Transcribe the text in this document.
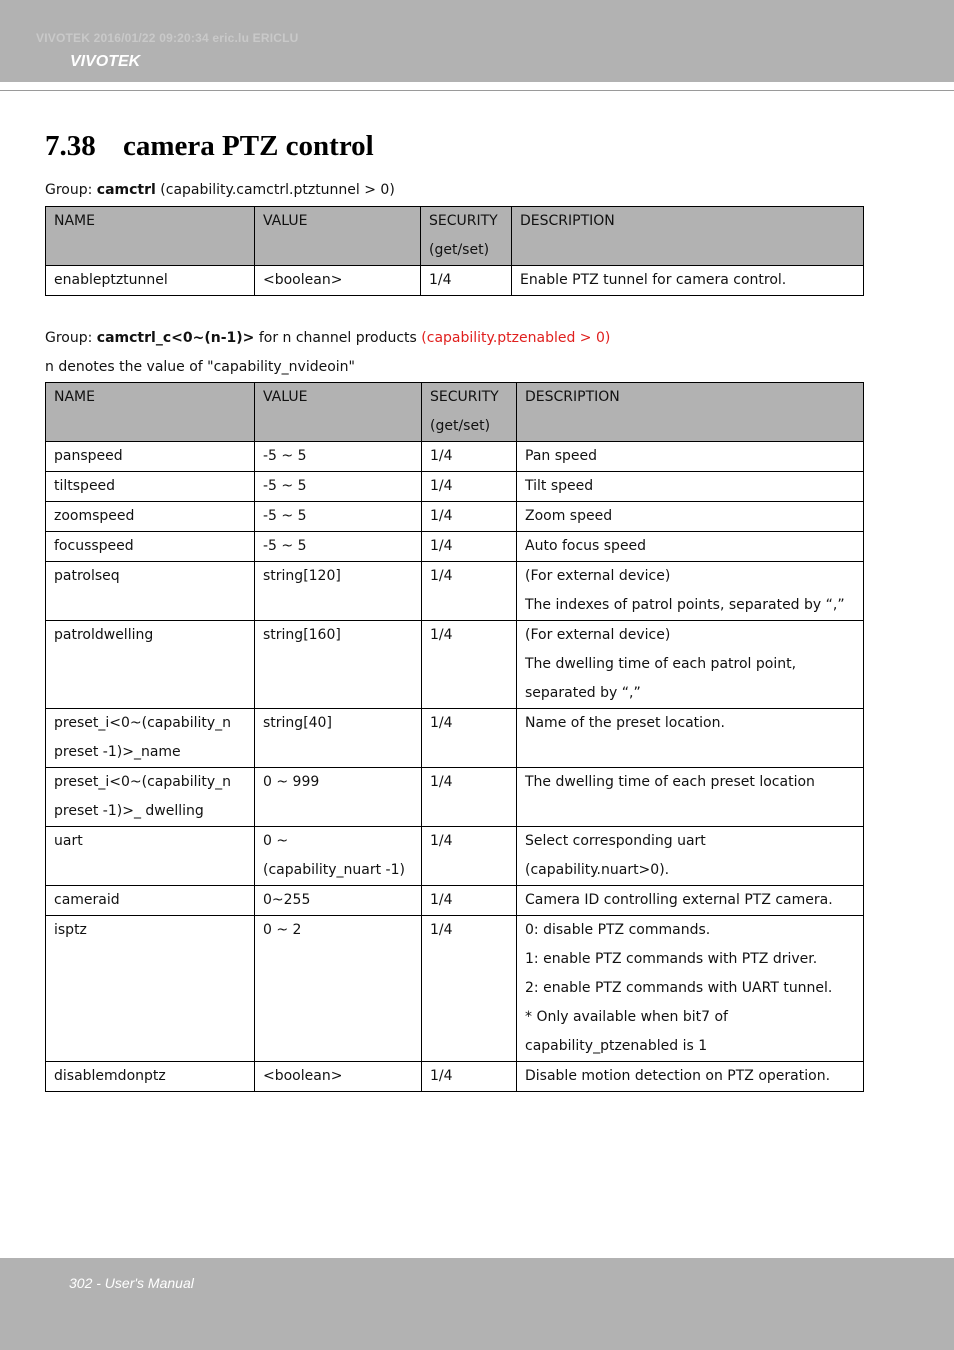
VIVOTEK 2016/01/22 09:20:34 eric.lu ERICLU
VIVOTEK
7.38 camera PTZ control
Group: camctrl (capability.camctrl.ptztunnel > 0)
NAME	VALUE	SECURITY
(get/set)	DESCRIPTION

enableptztunnel	<boolean>	1/4	Enable PTZ tunnel for camera control.
Group: camctrl_c<0~(n-1)> for n channel products (capability.ptzenabled > 0)
n denotes the value of "capability_nvideoin"
NAME	VALUE	SECURITY
(get/set)	DESCRIPTION

panspeed	-5 ~ 5	1/4	Pan speed

tiltspeed	-5 ~ 5	1/4	Tilt speed

zoomspeed	-5 ~ 5	1/4	Zoom speed

focusspeed	-5 ~ 5	1/4	Auto focus speed

patrolseq	string[120]	1/4	(For external device)
The indexes of patrol points, separated by “,”

patroldwelling	string[160]	1/4	(For external device)
The dwelling time of each patrol point,
separated by “,”

preset_i<0~(capability_n
preset -1)>_name	string[40]	1/4	Name of the preset location.

preset_i<0~(capability_n
preset -1)>_ dwelling	0 ~ 999	1/4	The dwelling time of each preset location

uart	0 ~
(capability_nuart -1)	1/4	Select corresponding uart
(capability.nuart>0).

cameraid	0~255	1/4	Camera ID controlling external PTZ camera.

isptz	0 ~ 2	1/4	0: disable PTZ commands.
1: enable PTZ commands with PTZ driver.
2: enable PTZ commands with UART tunnel.
* Only available when bit7 of
capability_ptzenabled is 1

disablemdonptz	<boolean>	1/4	Disable motion detection on PTZ operation.
302 - User's Manual
